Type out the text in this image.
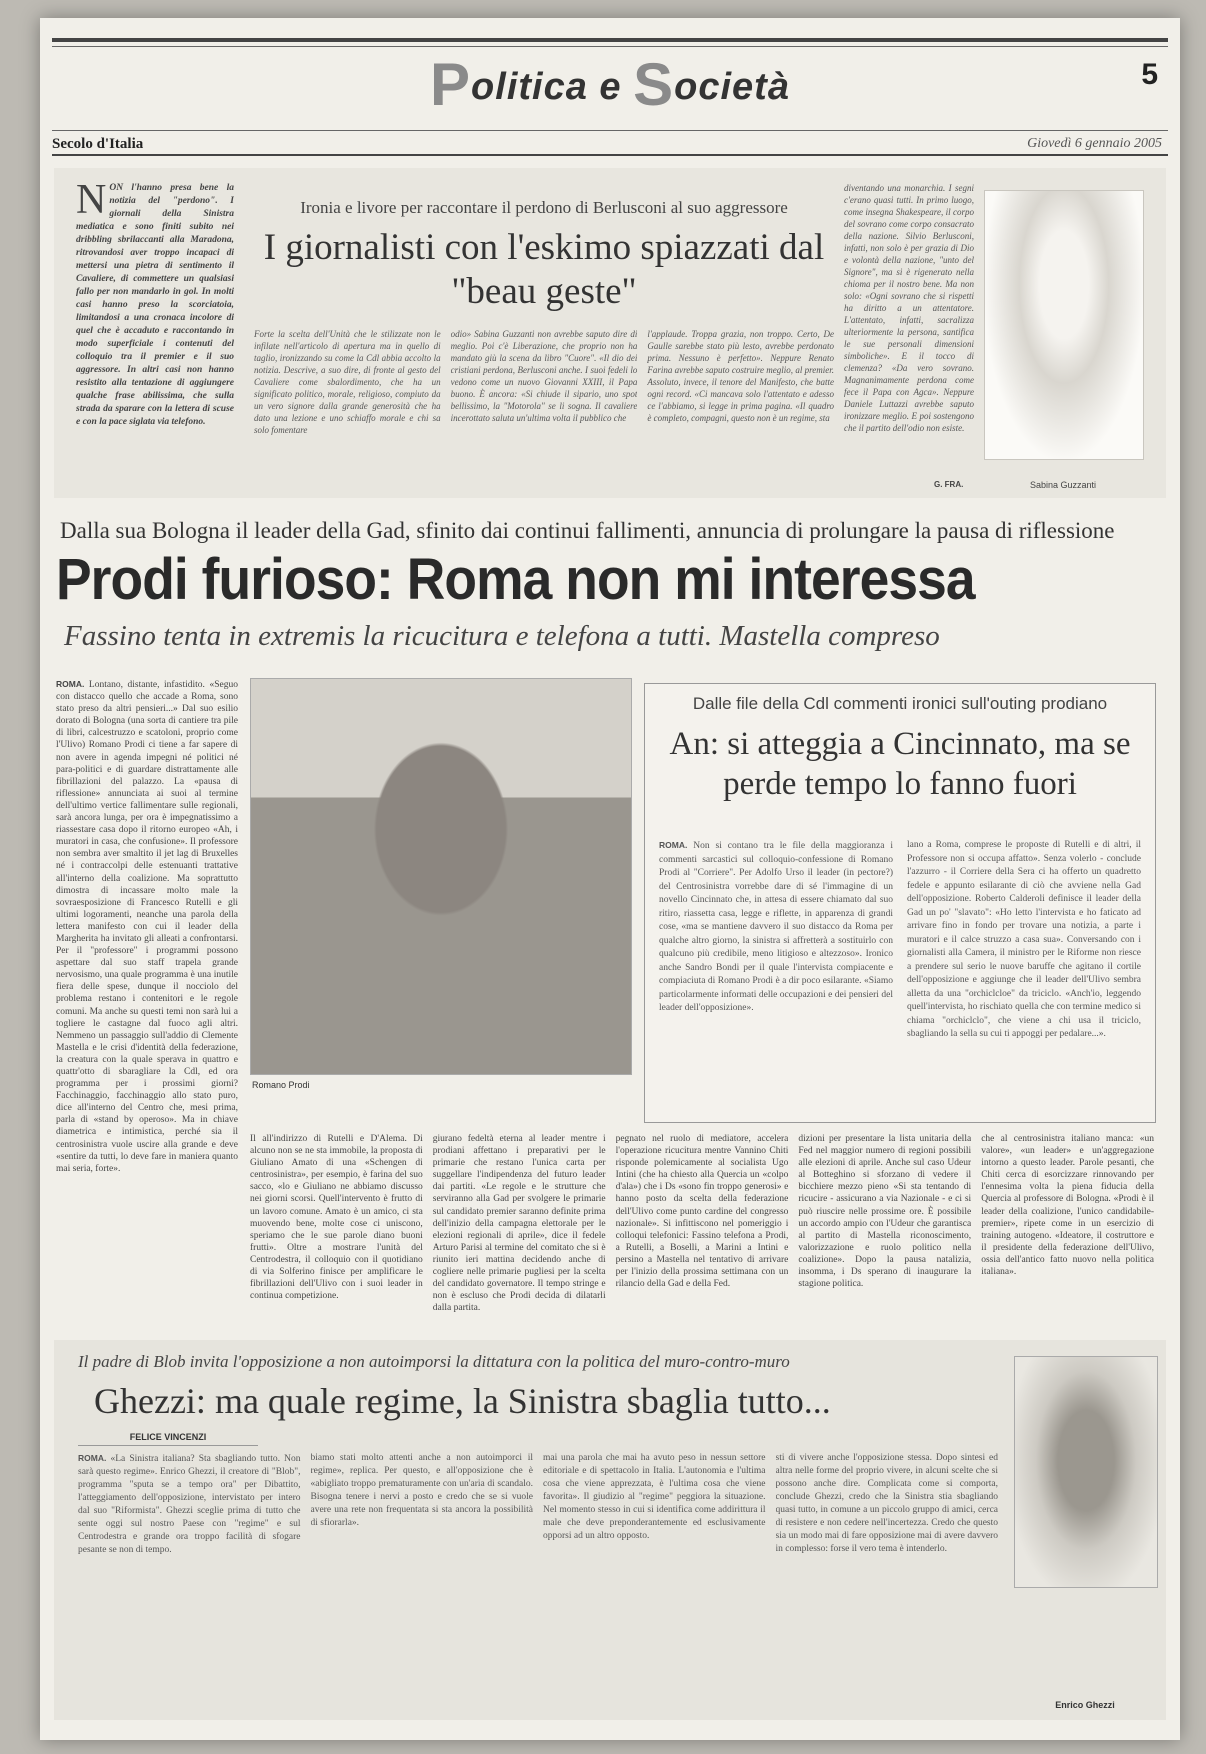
Politica e Società	5
Secolo d'Italia	Giovedì 6 gennaio 2005
NON l'hanno presa bene la notizia del "perdono". I giornali della Sinistra mediatica e sono finiti subito nei dribbling sbrilaccanti alla Maradona, ritrovandosi aver troppo incapaci di mettersi una pietra di sentimento il Cavaliere, di commettere un qualsiasi fallo per non mandarlo in gol. In molti casi hanno preso la scorciatoia, limitandosi a una cronaca incolore di quel che è accaduto e raccontando in modo superficiale i contenuti del colloquio tra il premier e il suo aggressore. In altri casi non hanno resistito alla tentazione di aggiungere qualche frase abilissima, che sulla strada da sparare con la lettera di scuse e con la pace siglata via telefono.
Ironia e livore per raccontare il perdono di Berlusconi al suo aggressore
I giornalisti con l'eskimo spiazzati dal "beau geste"
Forte la scelta dell'Unità che le stilizzate non le infilate nell'articolo di apertura ma in quello di taglio, ironizzando su come la Cdl abbia accolto la notizia. Descrive, a suo dire, di fronte al gesto del Cavaliere come sbalordimento, che ha un significato politico, morale, religioso, compiuto da un vero signore dalla grande generosità che ha dato una lezione e uno schiaffo morale e chi sa solo fomentare
odio» Sabina Guzzanti non avrebbe saputo dire di meglio. Poi c'è Liberazione, che proprio non ha mandato giù la scena da libro "Cuore". «Il dio dei cristiani perdona, Berlusconi anche. I suoi fedeli lo vedono come un nuovo Giovanni XXIII, il Papa buono. È ancora: «Si chiude il sipario, uno spot bellissimo, la "Motorola" se li sogna. Il cavaliere incerottato saluta un'ultima volta il pubblico che
l'applaude. Troppa grazia, non troppo. Certo, De Gaulle sarebbe stato più lesto, avrebbe perdonato prima. Nessuno è perfetto». Neppure Renato Farina avrebbe saputo costruire meglio, al premier. Assoluto, invece, il tenore del Manifesto, che batte ogni record. «Ci mancava solo l'attentato e adesso ce l'abbiamo, si legge in prima pagina. «Il quadro è completo, compagni, questo non è un regime, sta
diventando una monarchia. I segni c'erano quasi tutti. In primo luogo, come insegna Shakespeare, il corpo del sovrano come corpo consacrato della nazione. Silvio Berlusconi, infatti, non solo è per grazia di Dio e volontà della nazione, "unto del Signore", ma si è rigenerato nella chioma per il nostro bene. Ma non solo: «Ogni sovrano che si rispetti ha diritto a un attentatore. L'attentato, infatti, sacralizza ulteriormente la persona, santifica le sue personali dimensioni simboliche». E il tocco di clemenza? «Da vero sovrano. Magnanimamente perdona come fece il Papa con Agca». Neppure Daniele Luttazzi avrebbe saputo ironizzare meglio. E poi sostengono che il partito dell'odio non esiste.
G. FRA.	Sabina Guzzanti
Dalla sua Bologna il leader della Gad, sfinito dai continui fallimenti, annuncia di prolungare la pausa di riflessione
Prodi furioso: Roma non mi interessa
Fassino tenta in extremis la ricucitura e telefona a tutti. Mastella compreso
ROMA. Lontano, distante, infastidito. «Seguo con distacco quello che accade a Roma, sono stato preso da altri pensieri...» Dal suo esilio dorato di Bologna (una sorta di cantiere tra pile di libri, calcestruzzo e scatoloni, proprio come l'Ulivo) Romano Prodi ci tiene a far sapere di non avere in agenda impegni né politici né para-politici e di guardare distrattamente alle fibrillazioni del palazzo. La «pausa di riflessione» annunciata ai suoi al termine dell'ultimo vertice fallimentare sulle regionali, sarà ancora lunga, per ora è impegnatissimo a riassestare casa dopo il ritorno europeo «Ah, i muratori in casa, che confusione». Il professore non sembra aver smaltito il jet lag di Bruxelles né i contraccolpi delle estenuanti trattative all'interno della coalizione. Ma soprattutto dimostra di incassare molto male la sovraesposizione di Francesco Rutelli e gli ultimi logoramenti, neanche una parola della lettera manifesto con cui il leader della Margherita ha invitato gli alleati a confrontarsi. Per il "professore" i programmi possono aspettare dal suo staff trapela grande nervosismo, una quale programma è una inutile fiera delle spese, dunque il nocciolo del problema restano i contenitori e le regole comuni. Ma anche su questi temi non sarà lui a togliere le castagne dal fuoco agli altri. Nemmeno un passaggio sull'addio di Clemente Mastella e le crisi d'identità della federazione, la creatura con la quale sperava in quattro e quattr'otto di sbaragliare la Cdl, ed ora programma per i prossimi giorni? Facchinaggio, facchinaggio allo stato puro, dice all'interno del Centro che, mesi prima, parla di «stand by operoso». Ma in chiave diametrica e intimistica, perché sia il centrosinistra vuole uscire alla grande e deve «sentire da tutti, lo deve fare in maniera quanto mai seria, forte».
Romano Prodi
Dalle file della Cdl commenti ironici sull'outing prodiano
An: si atteggia a Cincinnato, ma se perde tempo lo fanno fuori
ROMA. Non si contano tra le file della maggioranza i commenti sarcastici sul colloquio-confessione di Romano Prodi al "Corriere". Per Adolfo Urso il leader (in pectore?) del Centrosinistra vorrebbe dare di sé l'immagine di un novello Cincinnato che, in attesa di essere chiamato dal suo ritiro, riassetta casa, legge e riflette, in apparenza di grandi cose, «ma se mantiene davvero il suo distacco da Roma per qualche altro giorno, la sinistra si affretterà a sostituirlo con qualcuno più credibile, meno litigioso e altezzoso». Ironico anche Sandro Bondi per il quale l'intervista compiacente e compiaciuta di Romano Prodi è a dir poco esilarante. «Siamo particolarmente informati delle occupazioni e dei pensieri del leader dell'opposizione».
lano a Roma, comprese le proposte di Rutelli e di altri, il Professore non si occupa affatto». Senza volerlo - conclude l'azzurro - il Corriere della Sera ci ha offerto un quadretto fedele e appunto esilarante di ciò che avviene nella Gad dell'opposizione. Roberto Calderoli definisce il leader della Gad un po' "slavato": «Ho letto l'intervista e ho faticato ad arrivare fino in fondo per trovare una notizia, a parte i muratori e il calce struzzo a casa sua». Conversando con i giornalisti alla Camera, il ministro per le Riforme non riesce a prendere sul serio le nuove baruffe che agitano il cortile dell'opposizione e aggiunge che il leader dell'Ulivo sembra alletta da una "orchiclcloe" da triciclo. «Anch'io, leggendo quell'intervista, ho rischiato quella che con termine medico si chiama "orchiclclo", che viene a chi usa il triciclo, sbagliando la sella su cui ti appoggi per pedalare...».
Il all'indirizzo di Rutelli e D'Alema. Di alcuno non se ne sta immobile, la proposta di Giuliano Amato di una «Schengen di centrosinistra», per esempio, è farina del suo sacco, «lo e Giuliano ne abbiamo discusso nei giorni scorsi. Quell'intervento è frutto di un lavoro comune. Amato è un amico, ci sta muovendo bene, molte cose ci uniscono, speriamo che le sue parole diano buoni frutti». Oltre a mostrare l'unità del Centrodestra, il colloquio con il quotidiano di via Solferino finisce per amplificare le fibrillazioni dell'Ulivo con i suoi leader in continua competizione.
giurano fedeltà eterna al leader mentre i prodiani affettano i preparativi per le primarie che restano l'unica carta per suggellare l'indipendenza del futuro leader dai partiti. «Le regole e le strutture che serviranno alla Gad per svolgere le primarie sul candidato premier saranno definite prima dell'inizio della campagna elettorale per le elezioni regionali di aprile», dice il fedele Arturo Parisi al termine del comitato che si è riunito ieri mattina decidendo anche di cogliere nelle primarie pugliesi per la scelta del candidato governatore. Il tempo stringe e non è escluso che Prodi decida di dilatarli dalla partita.
pegnato nel ruolo di mediatore, accelera l'operazione ricucitura mentre Vannino Chiti risponde polemicamente al socialista Ugo Intini (che ha chiesto alla Quercia un «colpo d'ala») che i Ds «sono fin troppo generosi» e hanno posto da scelta della federazione dell'Ulivo come punto cardine del congresso nazionale». Si infittiscono nel pomeriggio i colloqui telefonici: Fassino telefona a Prodi, a Rutelli, a Boselli, a Marini a Intini e persino a Mastella nel tentativo di arrivare per l'inizio della prossima settimana con un rilancio della Gad e della Fed.
dizioni per presentare la lista unitaria della Fed nel maggior numero di regioni possibili alle elezioni di aprile. Anche sul caso Udeur al Botteghino si sforzano di vedere il bicchiere mezzo pieno «Si sta tentando di ricucire - assicurano a via Nazionale - e ci si può riuscire nelle prossime ore. È possibile un accordo ampio con l'Udeur che garantisca al partito di Mastella riconoscimento, valorizzazione e ruolo politico nella coalizione». Dopo la pausa natalizia, insomma, i Ds sperano di inaugurare la stagione politica.
che al centrosinistra italiano manca: «un valore», «un leader» e un'aggregazione intorno a questo leader. Parole pesanti, che Chiti cerca di esorcizzare rinnovando per l'ennesima volta la piena fiducia della Quercia al professore di Bologna. «Prodi è il leader della coalizione, l'unico candidabile-premier», ripete come in un esercizio di training autogeno. «Ideatore, il costruttore e il presidente della federazione dell'Ulivo, ossia dell'antico fatto nuovo nella politica italiana».
Il padre di Blob invita l'opposizione a non autoimporsi la dittatura con la politica del muro-contro-muro
Ghezzi: ma quale regime, la Sinistra sbaglia tutto...
FELICE VINCENZI
ROMA. «La Sinistra italiana? Sta sbagliando tutto. Non sarà questo regime». Enrico Ghezzi, il creatore di "Blob", programma "sputa se a tempo ora" per Dibattito, l'atteggiamento dell'opposizione, intervistato per intero dal suo "Riformista". Ghezzi sceglie prima di tutto che sente oggi sul nostro Paese con "regime" e sul Centrodestra e grande ora troppo facilità di sfogare pesante se non di tempo.
biamo stati molto attenti anche a non autoimporci il regime», replica. Per questo, e all'opposizione che è «abigliato troppo prematuramente con un'aria di scandalo. Bisogna tenere i nervi a posto e credo che se si vuole avere una rete non frequentata si sta ancora la possibilità di sfiorarla».
mai una parola che mai ha avuto peso in nessun settore editoriale e di spettacolo in Italia. L'autonomia e l'ultima cosa che viene apprezzata, è l'ultima cosa che viene favorita». Il giudizio al "regime" peggiora la situazione. Nel momento stesso in cui si identifica come addirittura il male che deve preponderantemente ed esclusivamente opporsi ad un altro opposto.
sti di vivere anche l'opposizione stessa. Dopo sintesi ed altra nelle forme del proprio vivere, in alcuni scelte che si possono anche dire. Complicata come si comporta, conclude Ghezzi, credo che la Sinistra stia sbagliando quasi tutto, in comune a un piccolo gruppo di amici, cerca di resistere e non cedere nell'incertezza. Credo che questo sia un modo mai di fare opposizione mai di avere davvero in complesso: forse il vero tema è intenderlo.
Enrico Ghezzi
